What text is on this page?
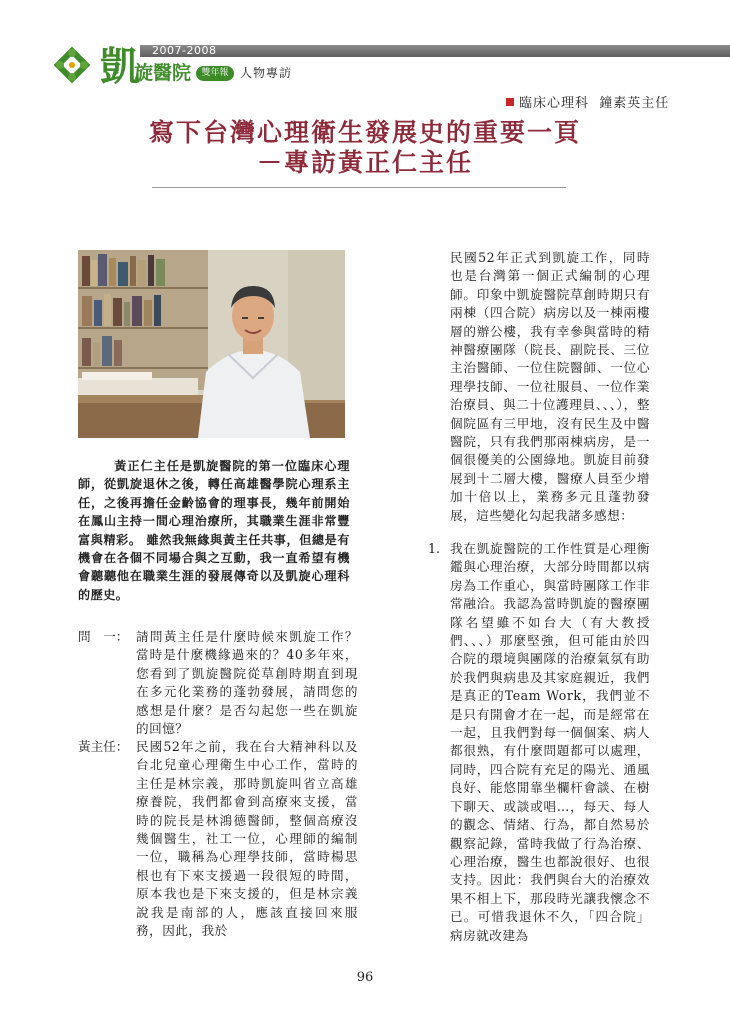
2007-2008
凱 旋醫院	雙年報 人物專訪
臨床心理科 鐘素英主任
寫下台灣心理衛生發展史的重要一頁
－專訪黃正仁主任

黃正仁主任是凱旋醫院的第一位臨床心理師，從凱旋退休之後，轉任高雄醫學院心理系主任，之後再擔任金齡協會的理事長，幾年前開始在鳳山主持一間心理治療所，其職業生涯非常豐富與精彩。 雖然我無緣與黃主任共事，但總是有機會在各個不同場合與之互動，我一直希望有機會聽聽他在職業生涯的發展傳奇以及凱旋心理科的歷史。

問　一： 請問黃主任是什麼時候來凱旋工作？當時是什麼機緣過來的？40多年來，您看到了凱旋醫院從草創時期直到現在多元化業務的蓬勃發展，請問您的感想是什麼？是否勾起您一些在凱旋的回憶？

黃主任： 民國52年之前，我在台大精神科以及台北兒童心理衛生中心工作，當時的主任是林宗義，那時凱旋叫省立高雄療養院，我們都會到高療來支援，當時的院長是林鴻德醫師，整個高療沒幾個醫生，社工一位，心理師的編制一位，職稱為心理學技師，當時楊思根也有下來支援過一段很短的時間，原本我也是下來支援的，但是林宗義說我是南部的人，應該直接回來服務，因此，我於

民國52年正式到凱旋工作，同時也是台灣第一個正式編制的心理師。印象中凱旋醫院草創時期只有兩棟（四合院）病房以及一棟兩樓層的辦公樓，我有幸參與當時的精神醫療團隊（院長、副院長、三位主治醫師、一位住院醫師、一位心理學技師、一位社服員、一位作業治療員、與二十位護理員、、、），整個院區有三甲地，沒有民生及中醫醫院，只有我們那兩棟病房，是一個很優美的公園綠地。凱旋目前發展到十二層大樓，醫療人員至少增加十倍以上，業務多元且蓬勃發展，這些變化勾起我諸多感想：

1. 我在凱旋醫院的工作性質是心理衡鑑與心理治療，大部分時間都以病房為工作重心，與當時團隊工作非常融洽。我認為當時凱旋的醫療團隊名望雖不如台大（有大教授們、、、）那麼堅強，但可能由於四合院的環境與團隊的治療氣氛有助於我們與病患及其家庭親近，我們是真正的Team Work，我們並不是只有開會才在一起，而是經常在一起，且我們對每一個個案、病人都很熟，有什麼問題都可以處理，同時，四合院有充足的陽光、通風良好、能悠閒靠坐欄杆會談、在樹下聊天、或談或唱…，每天、每人的觀念、情緒、行為，都自然易於觀察記錄，當時我做了行為治療、心理治療，醫生也都說很好、也很支持。因此：我們與台大的治療效果不相上下，那段時光讓我懷念不已。可惜我退休不久，「四合院」病房就改建為

96
